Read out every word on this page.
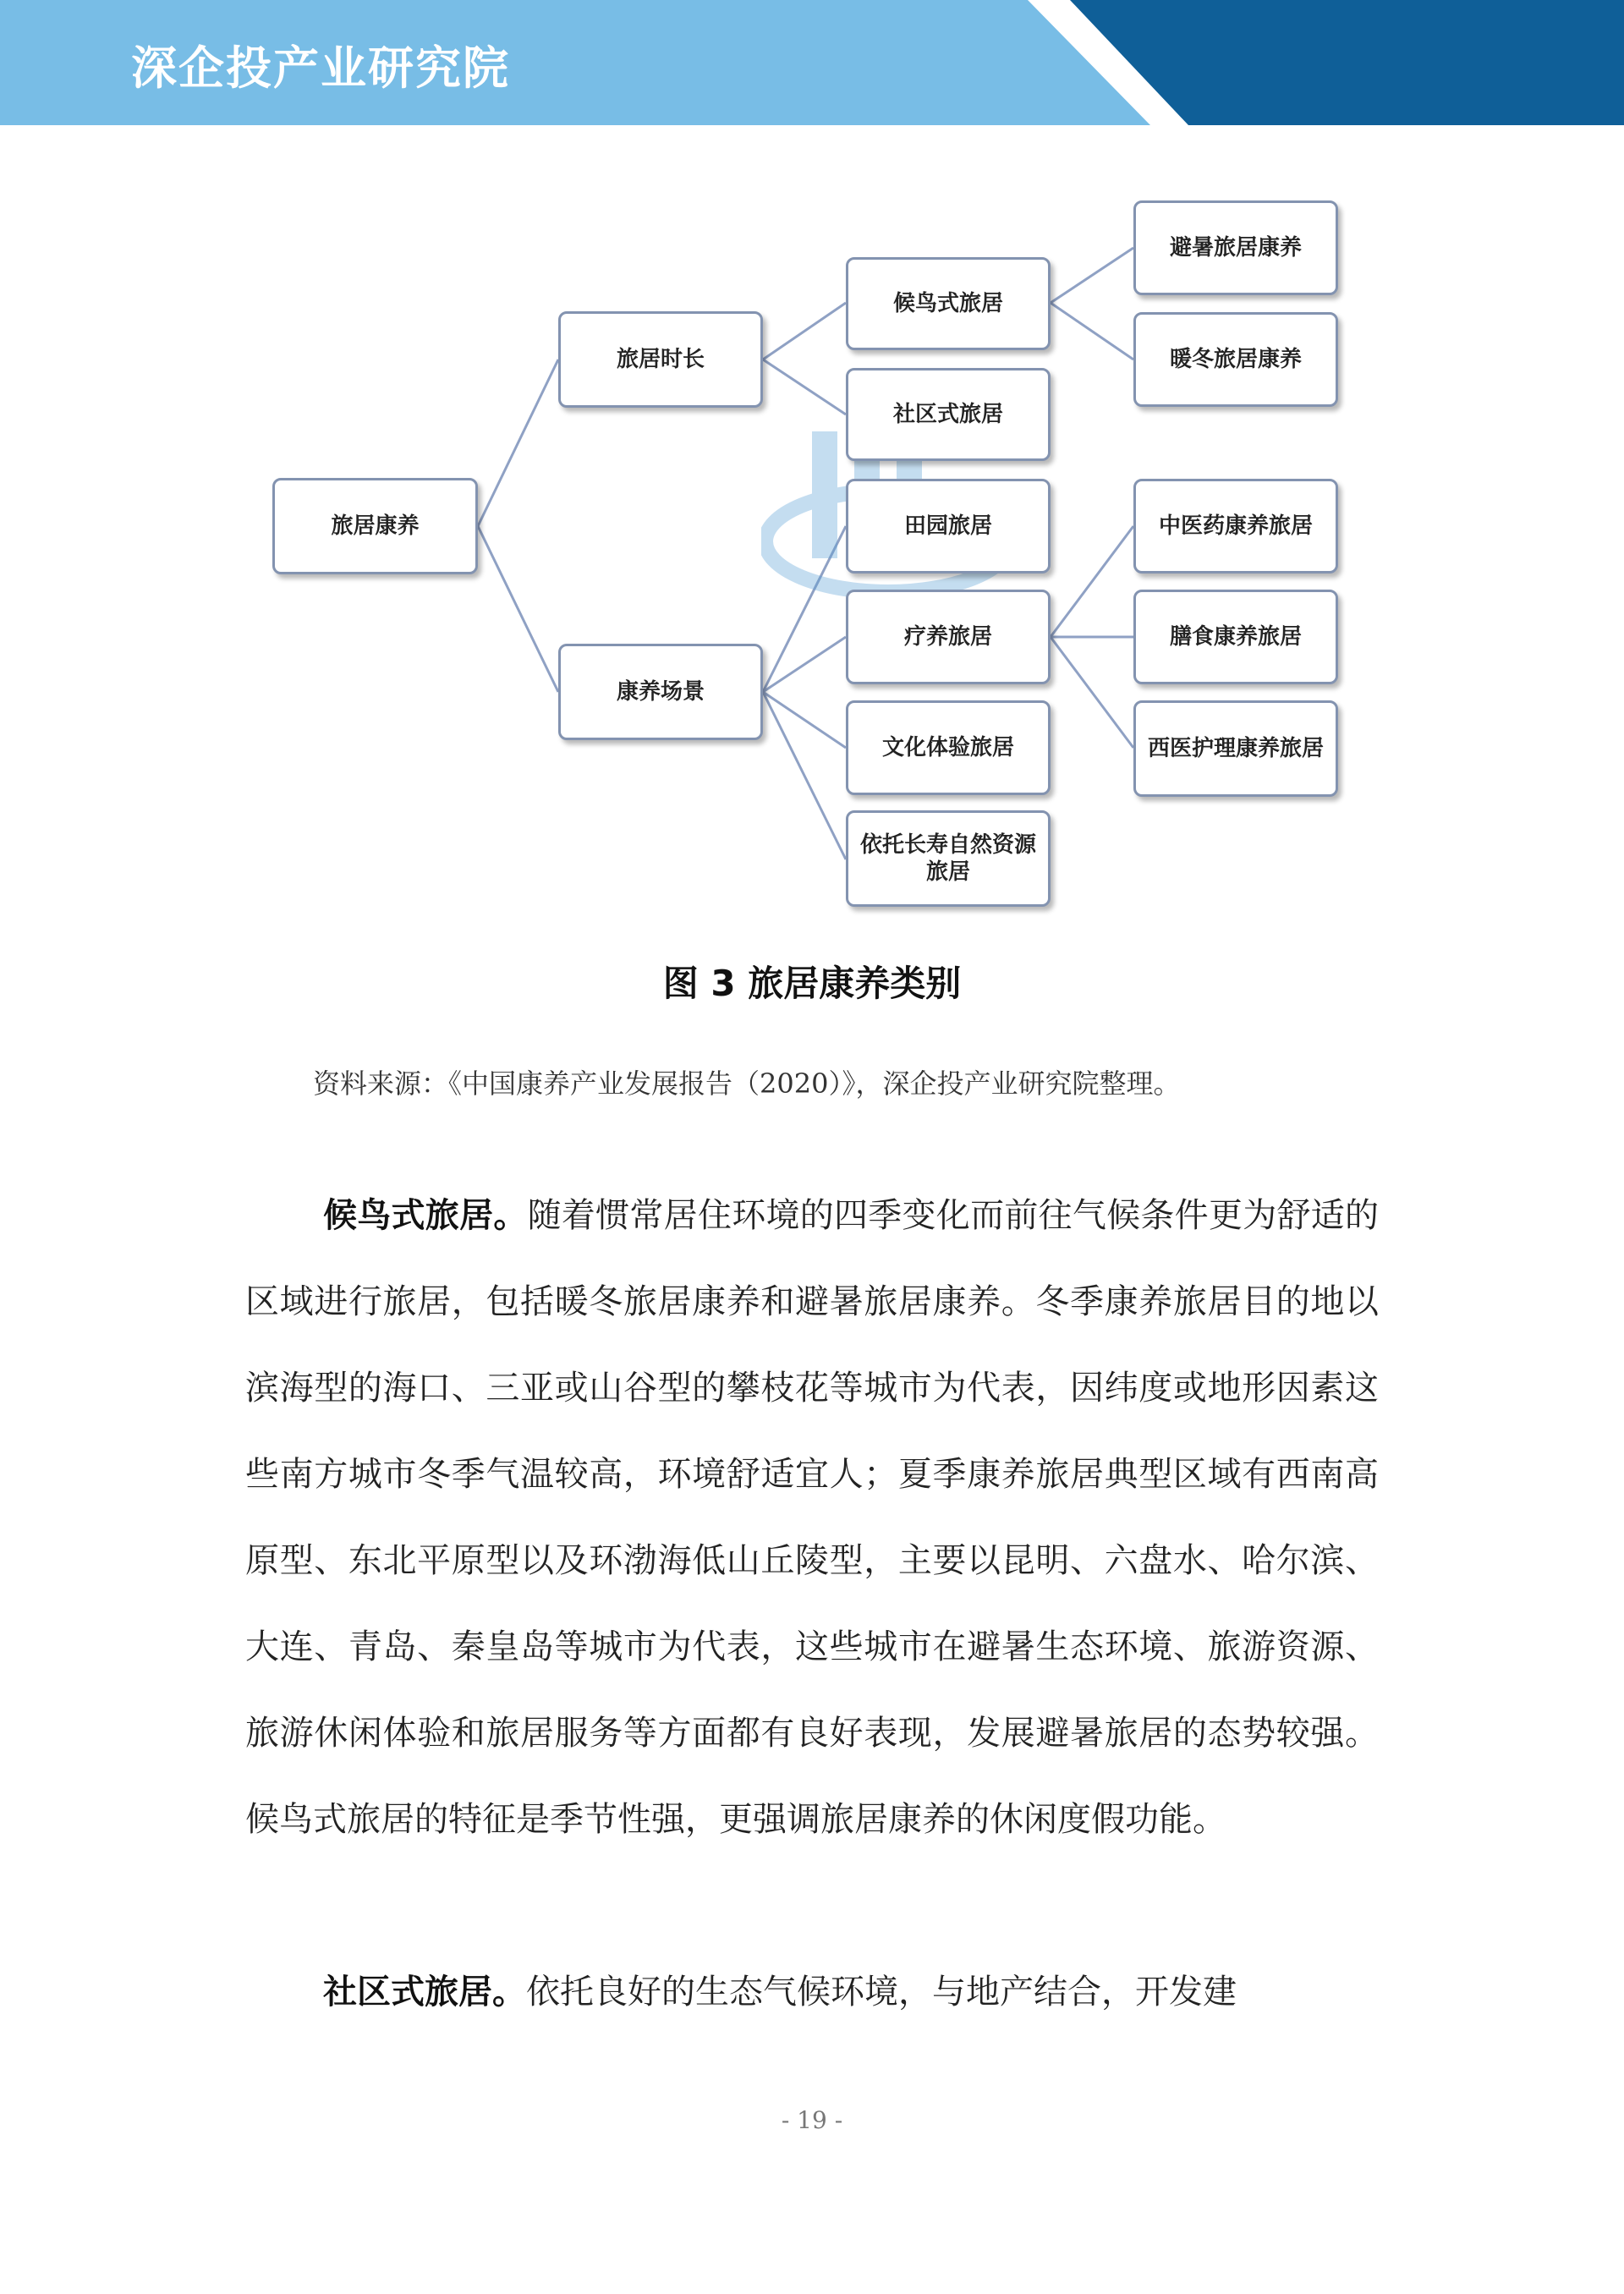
深企投产业研究院
旅居康养
旅居时长
康养场景
候鸟式旅居
社区式旅居
避暑旅居康养
暖冬旅居康养
田园旅居
疗养旅居
文化体验旅居
依托长寿自然资源旅居
中医药康养旅居
膳食康养旅居
西医护理康养旅居
图 3 旅居康养类别
资料来源：《中国康养产业发展报告（2020）》，深企投产业研究院整理。
候鸟式旅居。随着惯常居住环境的四季变化而前往气候条件更为舒适的区域进行旅居，包括暖冬旅居康养和避暑旅居康养。冬季康养旅居目的地以滨海型的海口、三亚或山谷型的攀枝花等城市为代表，因纬度或地形因素这些南方城市冬季气温较高，环境舒适宜人；夏季康养旅居典型区域有西南高原型、东北平原型以及环渤海低山丘陵型，主要以昆明、六盘水、哈尔滨、大连、青岛、秦皇岛等城市为代表，这些城市在避暑生态环境、旅游资源、旅游休闲体验和旅居服务等方面都有良好表现，发展避暑旅居的态势较强。候鸟式旅居的特征是季节性强，更强调旅居康养的休闲度假功能。
社区式旅居。依托良好的生态气候环境，与地产结合，开发建
- 19 -
